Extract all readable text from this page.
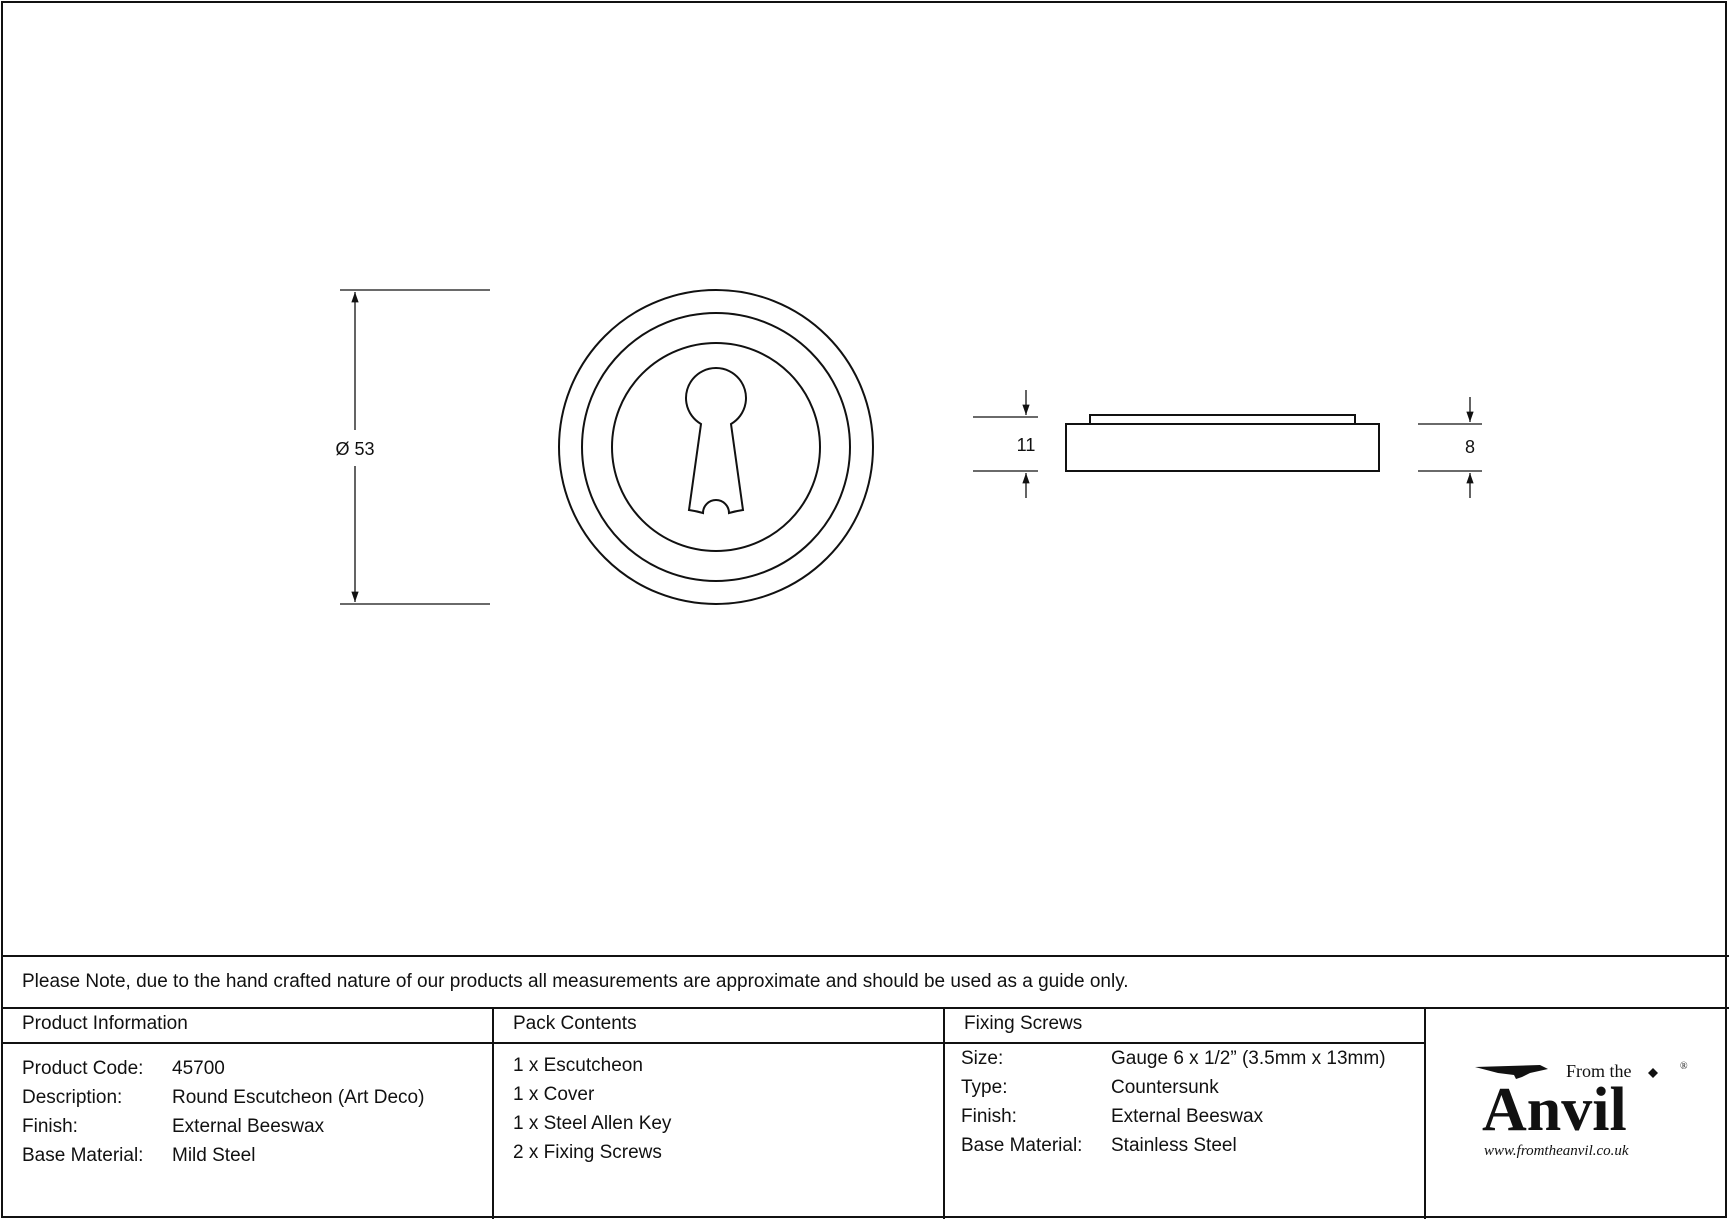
Ø 53	11	8
Please Note, due to the hand crafted nature of our products all measurements are approximate and should be used as a guide only.
Product Information	Pack Contents	Fixing Screws
Product Code:	45700
Description:	Round Escutcheon (Art Deco)
Finish:	External Beeswax
Base Material:	Mild Steel
1 x Escutcheon
1 x Cover
1 x Steel Allen Key
2 x Fixing Screws
Size:	Gauge 6 x 1/2” (3.5mm x 13mm)
Type:	Countersunk
Finish:	External Beeswax
Base Material:	Stainless Steel
From the	®
Anvil
www.fromtheanvil.co.uk
